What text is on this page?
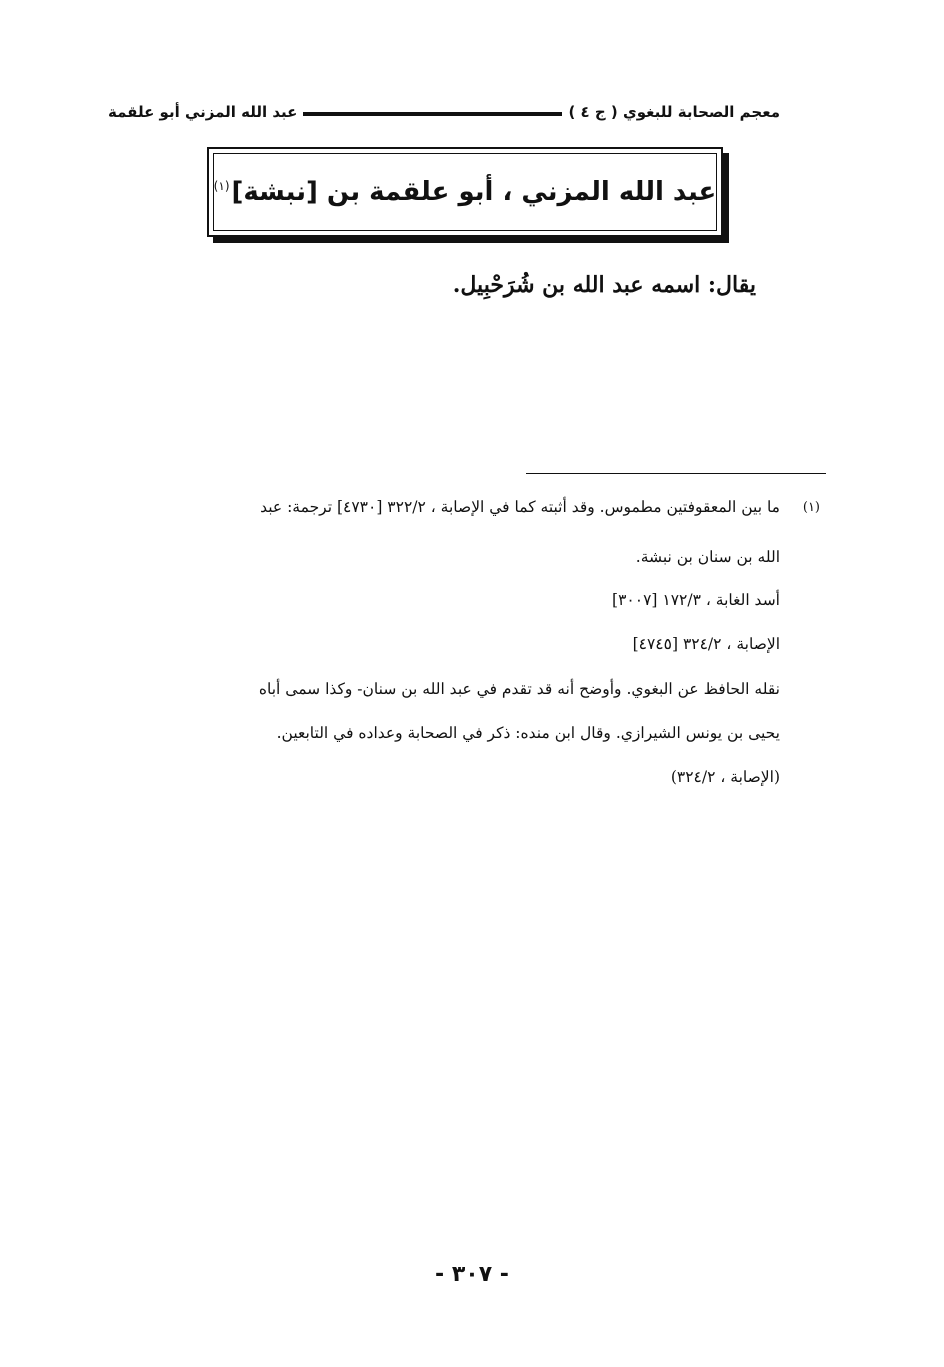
معجم الصحابة للبغوي ( ج ٤ )
عبد الله المزني أبو علقمة
عبد الله المزني ، أبو علقمة بن [نبشة]$^{(١)}$
يقال: اسمه عبد الله بن شُرَحْبِيل.
(١)
ما بين المعقوفتين مطموس. وقد أثبته كما في الإصابة ، ٣٢٢/٢ [٤٧٣٠] ترجمة: عبد
الله بن سنان بن نبشة.
أسد الغابة ، ١٧٢/٣ [٣٠٠٧]
الإصابة ، ٣٢٤/٢ [٤٧٤٥]
نقله الحافظ عن البغوي. وأوضح أنه قد تقدم في عبد الله بن سنان- وكذا سمى أباه
يحيى بن يونس الشيرازي. وقال ابن منده: ذكر في الصحابة وعداده في التابعين.
(الإصابة ، ٣٢٤/٢)
- ٣٠٧ -
